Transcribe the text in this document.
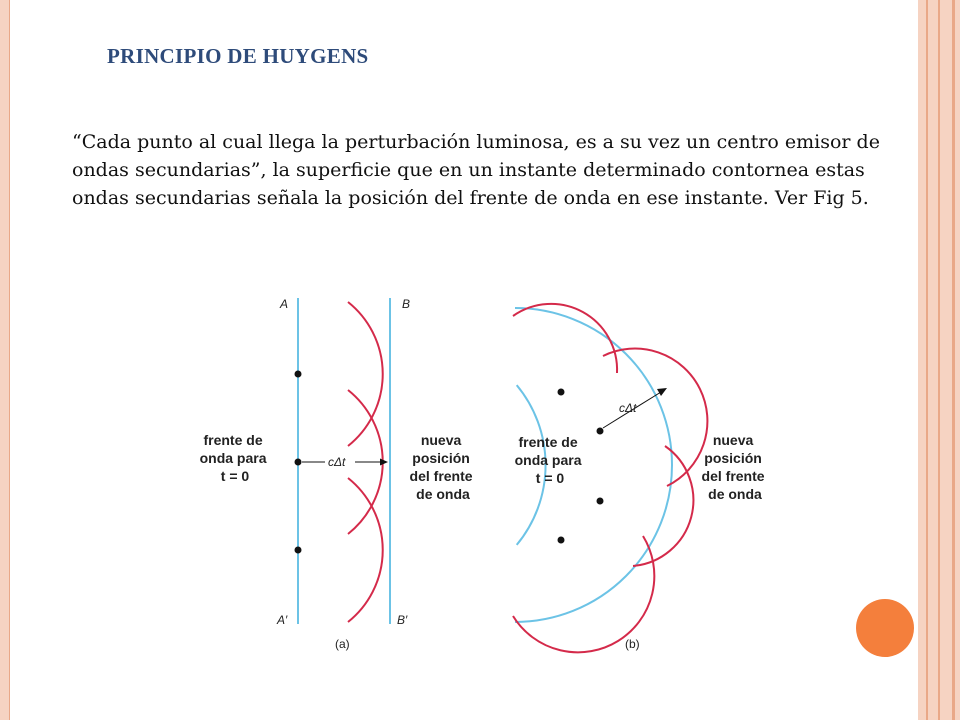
PRINCIPIO DE HUYGENS
“Cada punto al cual llega la perturbación luminosa, es a su vez un centro emisor de ondas secundarias”, la superficie que en un instante determinado contornea estas ondas secundarias señala la posición del frente de onda en ese instante. Ver Fig 5.
A	B
A′	B′
cΔt
frente de onda para t = 0
nueva posición del frente de onda
(a)
cΔt
frente de onda para t = 0
nueva posición del frente de onda
(b)
